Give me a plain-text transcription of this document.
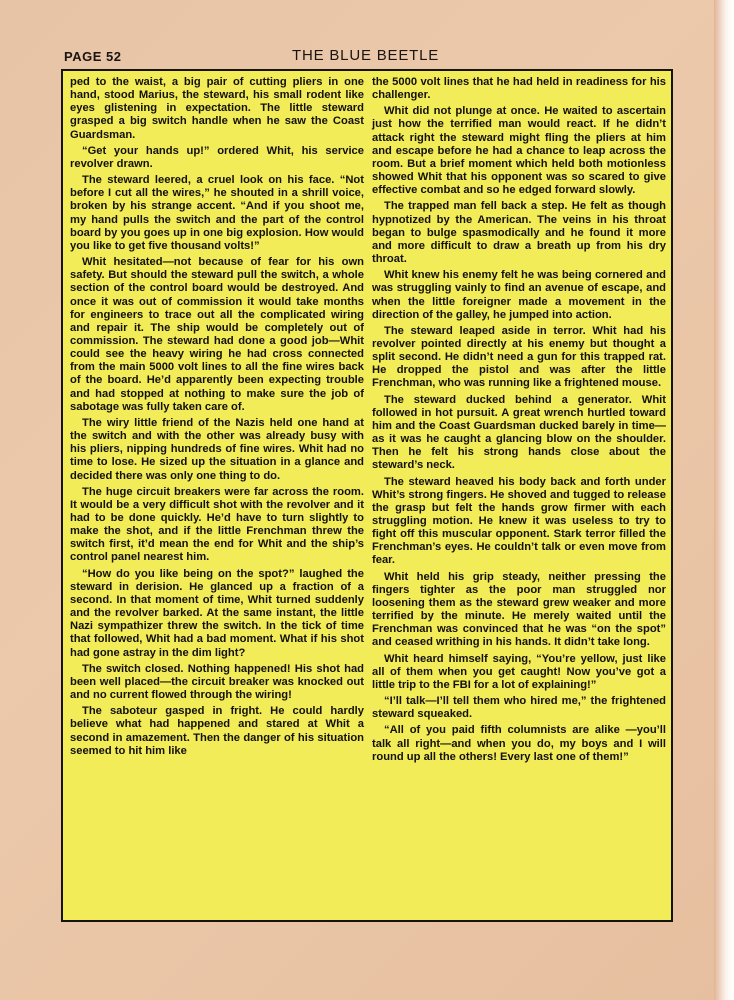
PAGE 52	THE BLUE BEETLE

ped to the waist, a big pair of cutting pliers in one hand, stood Marius, the steward, his small rodent like eyes glistening in expectation. The little steward grasped a big switch handle when he saw the Coast Guardsman.

“Get your hands up!” ordered Whit, his service revolver drawn.

The steward leered, a cruel look on his face. “Not before I cut all the wires,” he shouted in a shrill voice, broken by his strange accent. “And if you shoot me, my hand pulls the switch and the part of the control board by you goes up in one big explosion. How would you like to get five thousand volts!”

Whit hesitated—not because of fear for his own safety. But should the steward pull the switch, a whole section of the control board would be destroyed. And once it was out of commission it would take months for engineers to trace out all the complicated wiring and repair it. The ship would be completely out of commission. The steward had done a good job—Whit could see the heavy wiring he had cross connected from the main 5000 volt lines to all the fine wires back of the board. He’d apparently been expecting trouble and had stopped at nothing to make sure the job of sabotage was fully taken care of.

The wiry little friend of the Nazis held one hand at the switch and with the other was already busy with his pliers, nipping hundreds of fine wires. Whit had no time to lose. He sized up the situation in a glance and decided there was only one thing to do.

The huge circuit breakers were far across the room. It would be a very difficult shot with the revolver and it had to be done quickly. He’d have to turn slightly to make the shot, and if the little Frenchman threw the switch first, it’d mean the end for Whit and the ship’s control panel nearest him.

“How do you like being on the spot?” laughed the steward in derision. He glanced up a fraction of a second. In that moment of time, Whit turned suddenly and the revolver barked. At the same instant, the little Nazi sympathizer threw the switch. In the tick of time that followed, Whit had a bad moment. What if his shot had gone astray in the dim light?

The switch closed. Nothing happened! His shot had been well placed—the circuit breaker was knocked out and no current flowed through the wiring!

The saboteur gasped in fright. He could hardly believe what had happened and stared at Whit a second in amazement. Then the danger of his situation seemed to hit him like

the 5000 volt lines that he had held in readiness for his challenger.

Whit did not plunge at once. He waited to ascertain just how the terrified man would react. If he didn’t attack right the steward might fling the pliers at him and escape before he had a chance to leap across the room. But a brief moment which held both motionless showed Whit that his opponent was so scared to give effective combat and so he edged forward slowly.

The trapped man fell back a step. He felt as though hypnotized by the American. The veins in his throat began to bulge spasmodically and he found it more and more difficult to draw a breath up from his dry throat.

Whit knew his enemy felt he was being cornered and was struggling vainly to find an avenue of escape, and when the little foreigner made a movement in the direction of the galley, he jumped into action.

The steward leaped aside in terror. Whit had his revolver pointed directly at his enemy but thought a split second. He didn’t need a gun for this trapped rat. He dropped the pistol and was after the little Frenchman, who was running like a frightened mouse.

The steward ducked behind a generator. Whit followed in hot pursuit. A great wrench hurtled toward him and the Coast Guardsman ducked barely in time—as it was he caught a glancing blow on the shoulder. Then he felt his strong hands close about the steward’s neck.

The steward heaved his body back and forth under Whit’s strong fingers. He shoved and tugged to release the grasp but felt the hands grow firmer with each struggling motion. He knew it was useless to try to fight off this muscular opponent. Stark terror filled the Frenchman’s eyes. He couldn’t talk or even move from fear.

Whit held his grip steady, neither pressing the fingers tighter as the poor man struggled nor loosening them as the steward grew weaker and more terrified by the minute. He merely waited until the Frenchman was convinced that he was “on the spot” and ceased writhing in his hands. It didn’t take long.

Whit heard himself saying, “You’re yellow, just like all of them when you get caught! Now you’ve got a little trip to the FBI for a lot of explaining!”

“I’ll talk—I’ll tell them who hired me,” the frightened steward squeaked.

“All of you paid fifth columnists are alike —you’ll talk all right—and when you do, my boys and I will round up all the others! Every last one of them!”
